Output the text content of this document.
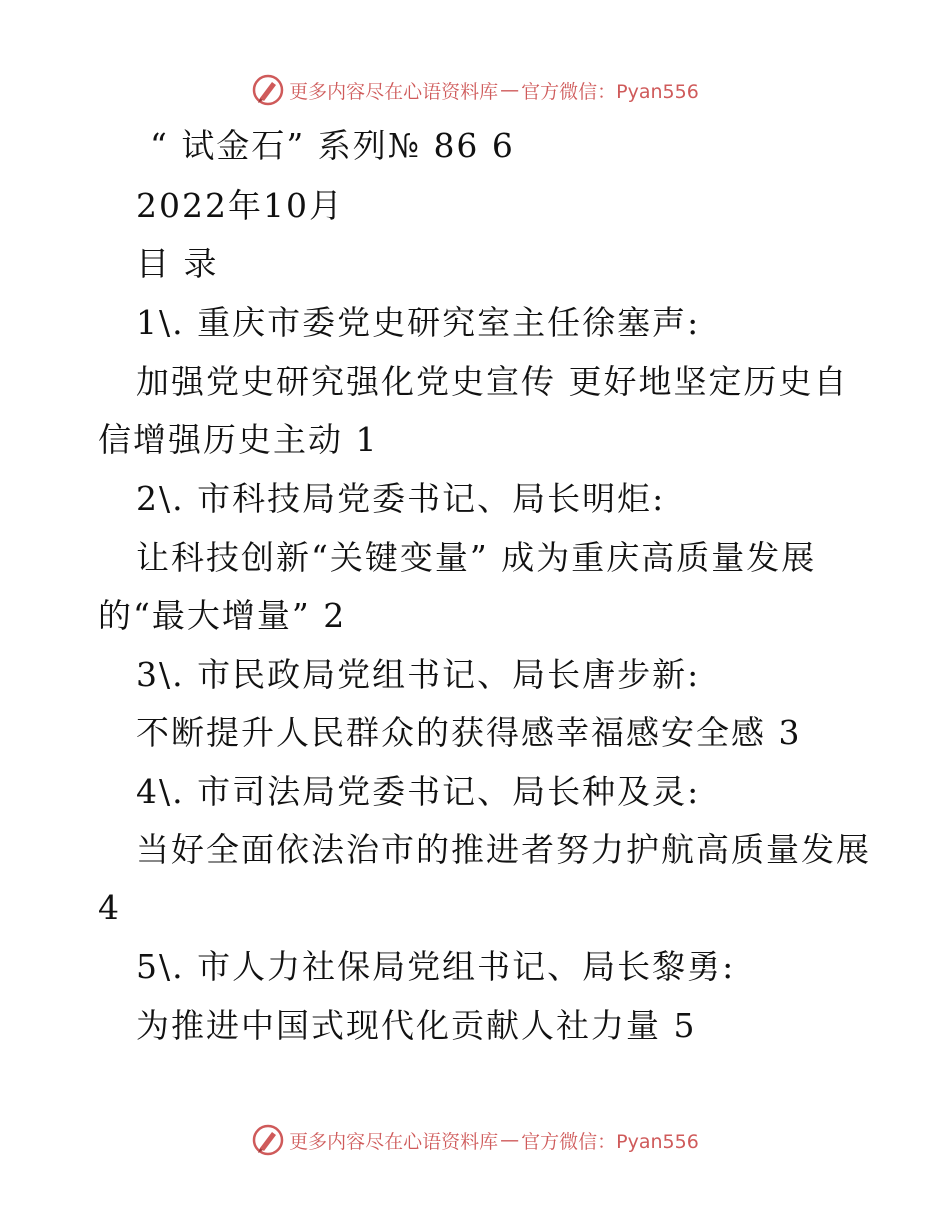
更多内容尽在心语资料库 — 官方微信：Pyan556
“ 试金石” 系列№ 86 6
2022年10月
目 录
1\. 重庆市委党史研究室主任徐塞声:
加强党史研究强化党史宣传 更好地坚定历史自
信增强历史主动 1
2\. 市科技局党委书记、局长明炬:
让科技创新“关键变量” 成为重庆高质量发展
的“最大增量” 2
3\. 市民政局党组书记、局长唐步新:
不断提升人民群众的获得感幸福感安全感 3
4\. 市司法局党委书记、局长种及灵:
当好全面依法治市的推进者努力护航高质量发展
4
5\. 市人力社保局党组书记、局长黎勇:
为推进中国式现代化贡献人社力量 5
更多内容尽在心语资料库 — 官方微信：Pyan556
